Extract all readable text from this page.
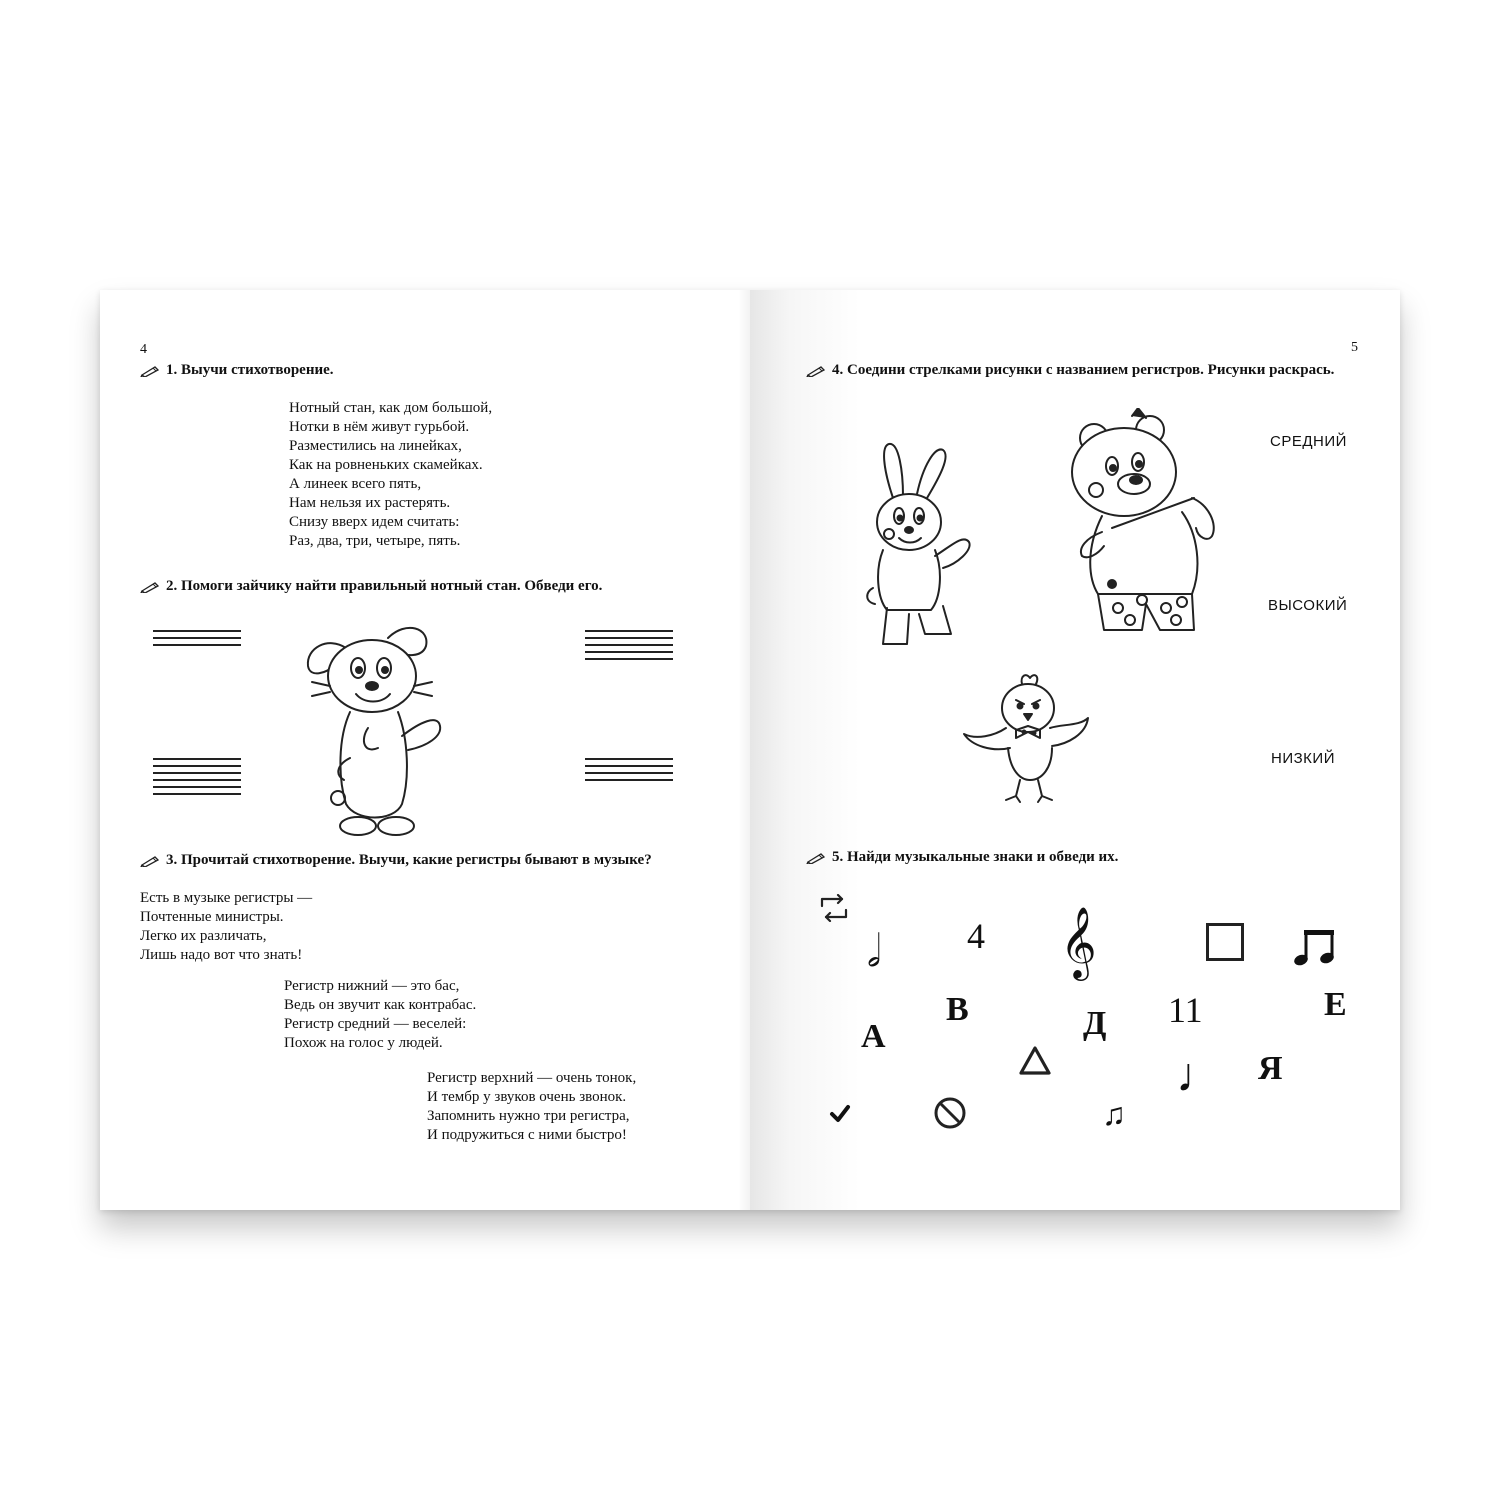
4
1. Выучи стихотворение.
Нотный стан, как дом большой,
Нотки в нём живут гурьбой.
Разместились на линейках,
Как на ровненьких скамейках.
А линеек всего пять,
Нам нельзя их растерять.
Снизу вверх идем считать:
Раз, два, три, четыре, пять.
2. Помоги зайчику найти правильный нотный стан. Обведи его.
3. Прочитай стихотворение. Выучи, какие регистры бывают в музыке?
Есть в музыке регистры —
Почтенные министры.
Легко их различать,
Лишь надо вот что знать!
Регистр нижний — это бас,
Ведь он звучит как контрабас.
Регистр средний — веселей:
Похож на голос у людей.
Регистр верхний — очень тонок,
И тембр у звуков очень звонок.
Запомнить нужно три регистра,
И подружиться с ними быстро!
5
4. Соедини стрелками рисунки с названием регистров. Рисунки раскрась.
СРЕДНИЙ
ВЫСОКИЙ
НИЗКИЙ
5. Найди музыкальные знаки и обведи их.
𝅗𝅥 4 𝄞
А
В	Д 11	Е
♩ Я
♫
